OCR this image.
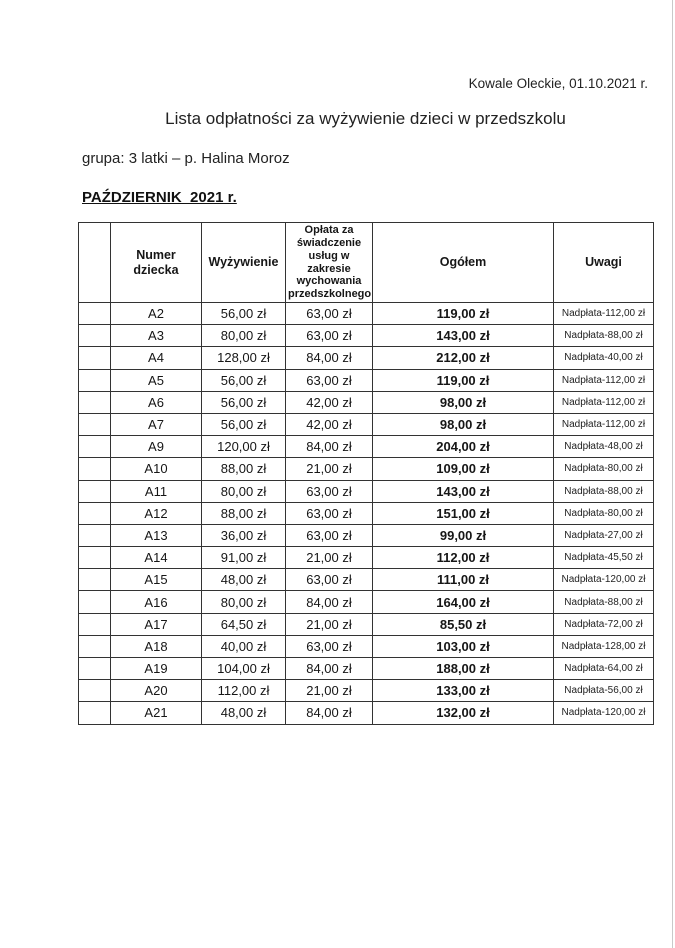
Kowale Oleckie, 01.10.2021 r.
Lista odpłatności za wyżywienie dzieci w przedszkolu
grupa: 3 latki – p. Halina Moroz
PAŹDZIERNIK  2021 r.
	Numer dziecka	Wyżywienie	Opłata za świadczenie usług w zakresie wychowania przedszkolnego	Ogółem	Uwagi
	A2	56,00 zł	63,00 zł	119,00 zł	Nadpłata-112,00 zł
	A3	80,00 zł	63,00 zł	143,00 zł	Nadpłata-88,00 zł
	A4	128,00 zł	84,00 zł	212,00 zł	Nadpłata-40,00 zł
	A5	56,00 zł	63,00 zł	119,00 zł	Nadpłata-112,00 zł
	A6	56,00 zł	42,00 zł	98,00 zł	Nadpłata-112,00 zł
	A7	56,00 zł	42,00 zł	98,00 zł	Nadpłata-112,00 zł
	A9	120,00 zł	84,00 zł	204,00 zł	Nadpłata-48,00 zł
	A10	88,00 zł	21,00 zł	109,00 zł	Nadpłata-80,00 zł
	A11	80,00 zł	63,00 zł	143,00 zł	Nadpłata-88,00 zł
	A12	88,00 zł	63,00 zł	151,00 zł	Nadpłata-80,00 zł
	A13	36,00 zł	63,00 zł	99,00 zł	Nadpłata-27,00 zł
	A14	91,00 zł	21,00 zł	112,00 zł	Nadpłata-45,50 zł
	A15	48,00 zł	63,00 zł	111,00 zł	Nadpłata-120,00 zł
	A16	80,00 zł	84,00 zł	164,00 zł	Nadpłata-88,00 zł
	A17	64,50 zł	21,00 zł	85,50 zł	Nadpłata-72,00 zł
	A18	40,00 zł	63,00 zł	103,00 zł	Nadpłata-128,00 zł
	A19	104,00 zł	84,00 zł	188,00 zł	Nadpłata-64,00 zł
	A20	112,00 zł	21,00 zł	133,00 zł	Nadpłata-56,00 zł
	A21	48,00 zł	84,00 zł	132,00 zł	Nadpłata-120,00 zł
